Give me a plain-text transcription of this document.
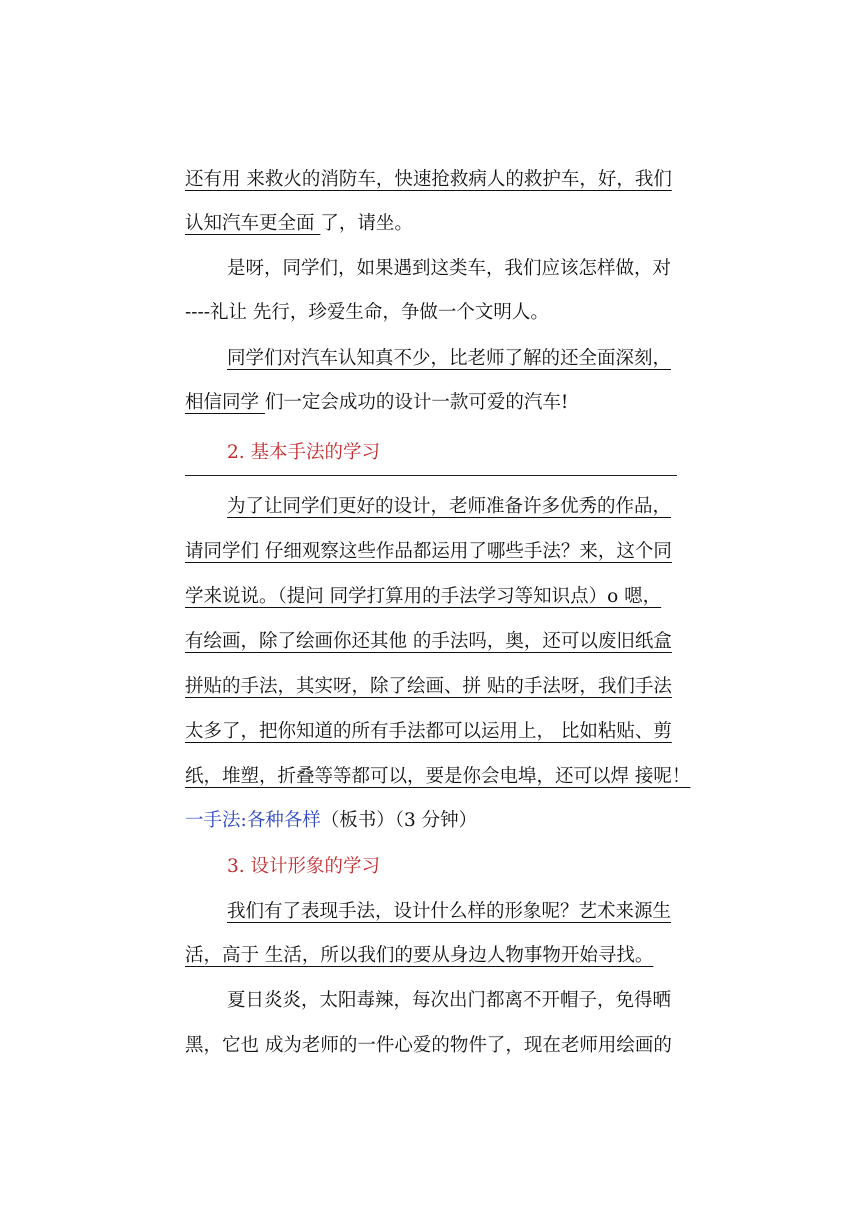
还有用 来救火的消防车，快速抢救病人的救护车，好，我们
认知汽车更全面 了，请坐。
是呀，同学们，如果遇到这类车，我们应该怎样做，对
----礼让 先行，珍爱生命，争做一个文明人。
同学们对汽车认知真不少，比老师了解的还全面深刻，
相信同学 们一定会成功的设计一款可爱的汽车!
2. 基本手法的学习
为了让同学们更好的设计，老师准备许多优秀的作品，
请同学们 仔细观察这些作品都运用了哪些手法？来，这个同
学来说说。（提问 同学打算用的手法学习等知识点）o 嗯，
有绘画，除了绘画你还其他 的手法吗，奥，还可以废旧纸盒
拼贴的手法，其实呀，除了绘画、拼 贴的手法呀，我们手法
太多了，把你知道的所有手法都可以运用上， 比如粘贴、剪
纸，堆塑，折叠等等都可以，要是你会电埠，还可以焊 接呢！
一手法:各种各样（板书）（3 分钟）
3. 设计形象的学习
我们有了表现手法，设计什么样的形象呢？艺术来源生
活，高于 生活，所以我们的要从身边人物事物开始寻找。
夏日炎炎，太阳毒辣，每次出门都离不开帽子，免得晒
黑，它也 成为老师的一件心爱的物件了，现在老师用绘画的
